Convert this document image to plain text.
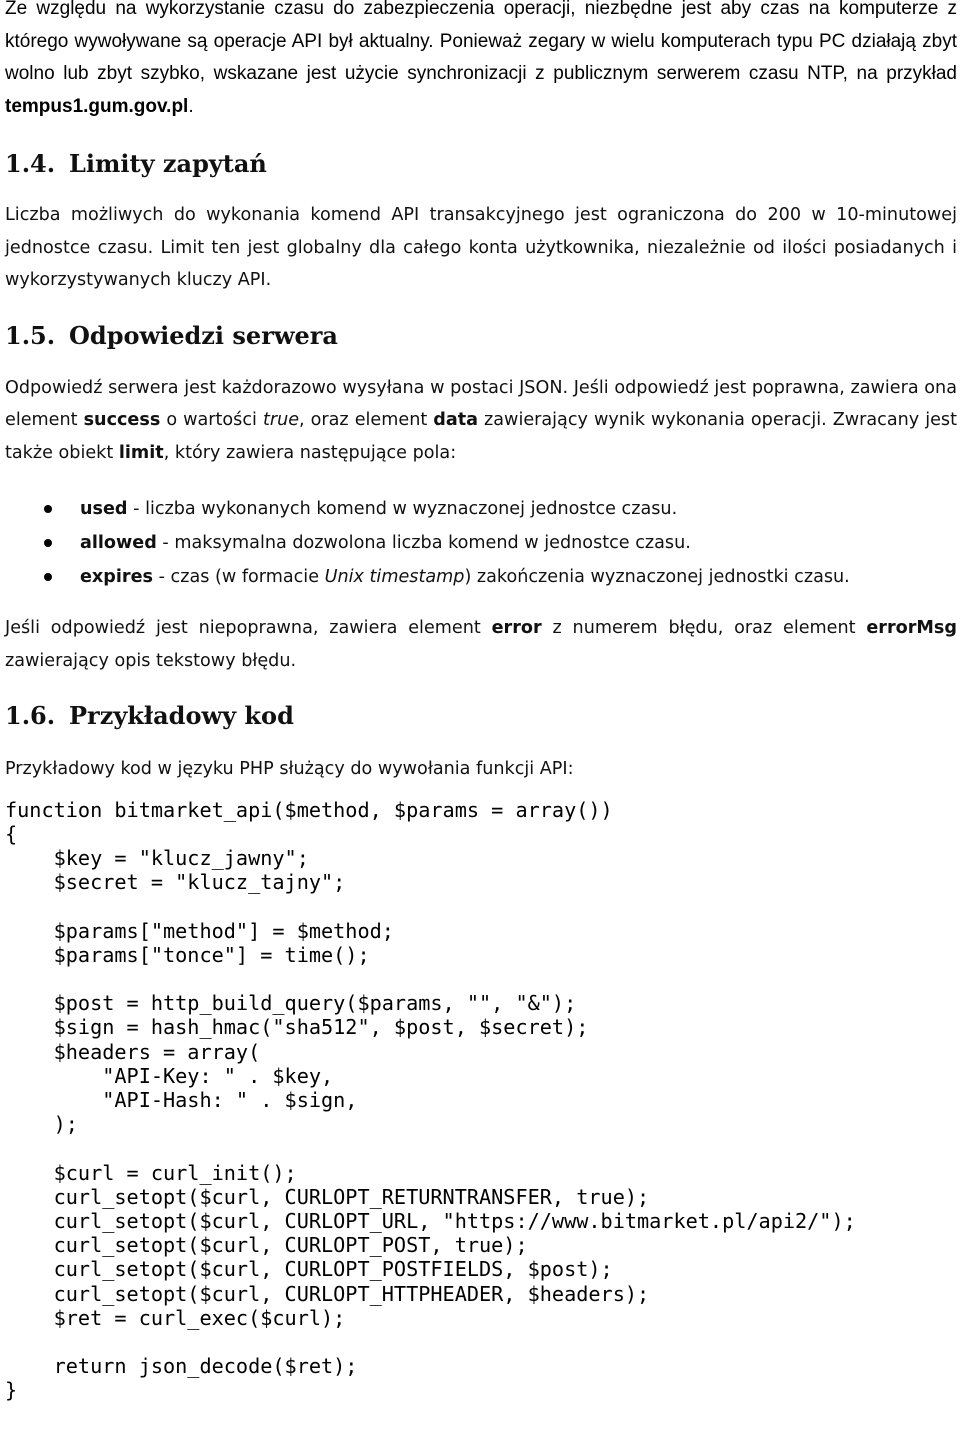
Ze względu na wykorzystanie czasu do zabezpieczenia operacji, niezbędne jest aby czas na komputerze z którego wywoływane są operacje API był aktualny. Ponieważ zegary w wielu komputerach typu PC działają zbyt wolno lub zbyt szybko, wskazane jest użycie synchronizacji z publicznym serwerem czasu NTP, na przykład tempus1.gum.gov.pl.

1.4. Limity zapytań

Liczba możliwych do wykonania komend API transakcyjnego jest ograniczona do 200 w 10-minutowej jednostce czasu. Limit ten jest globalny dla całego konta użytkownika, niezależnie od ilości posiadanych i wykorzystywanych kluczy API.

1.5. Odpowiedzi serwera

Odpowiedź serwera jest każdorazowo wysyłana w postaci JSON. Jeśli odpowiedź jest poprawna, zawiera ona element success o wartości true, oraz element data zawierający wynik wykonania operacji. Zwracany jest także obiekt limit, który zawiera następujące pola:

used - liczba wykonanych komend w wyznaczonej jednostce czasu.
allowed - maksymalna dozwolona liczba komend w jednostce czasu.
expires - czas (w formacie Unix timestamp) zakończenia wyznaczonej jednostki czasu.

Jeśli odpowiedź jest niepoprawna, zawiera element error z numerem błędu, oraz element errorMsg zawierający opis tekstowy błędu.

1.6. Przykładowy kod

Przykładowy kod w języku PHP służący do wywołania funkcji API:

function bitmarket_api($method, $params = array())
{
$key = "klucz_jawny";
$secret = "klucz_tajny";

$params["method"] = $method;
$params["tonce"] = time();

$post = http_build_query($params, "", "&");
$sign = hash_hmac("sha512", $post, $secret);
$headers = array(
"API-Key: " . $key,
"API-Hash: " . $sign,
);

$curl = curl_init();
curl_setopt($curl, CURLOPT_RETURNTRANSFER, true);
curl_setopt($curl, CURLOPT_URL, "https://www.bitmarket.pl/api2/");
curl_setopt($curl, CURLOPT_POST, true);
curl_setopt($curl, CURLOPT_POSTFIELDS, $post);
curl_setopt($curl, CURLOPT_HTTPHEADER, $headers);
$ret = curl_exec($curl);

return json_decode($ret);
}
